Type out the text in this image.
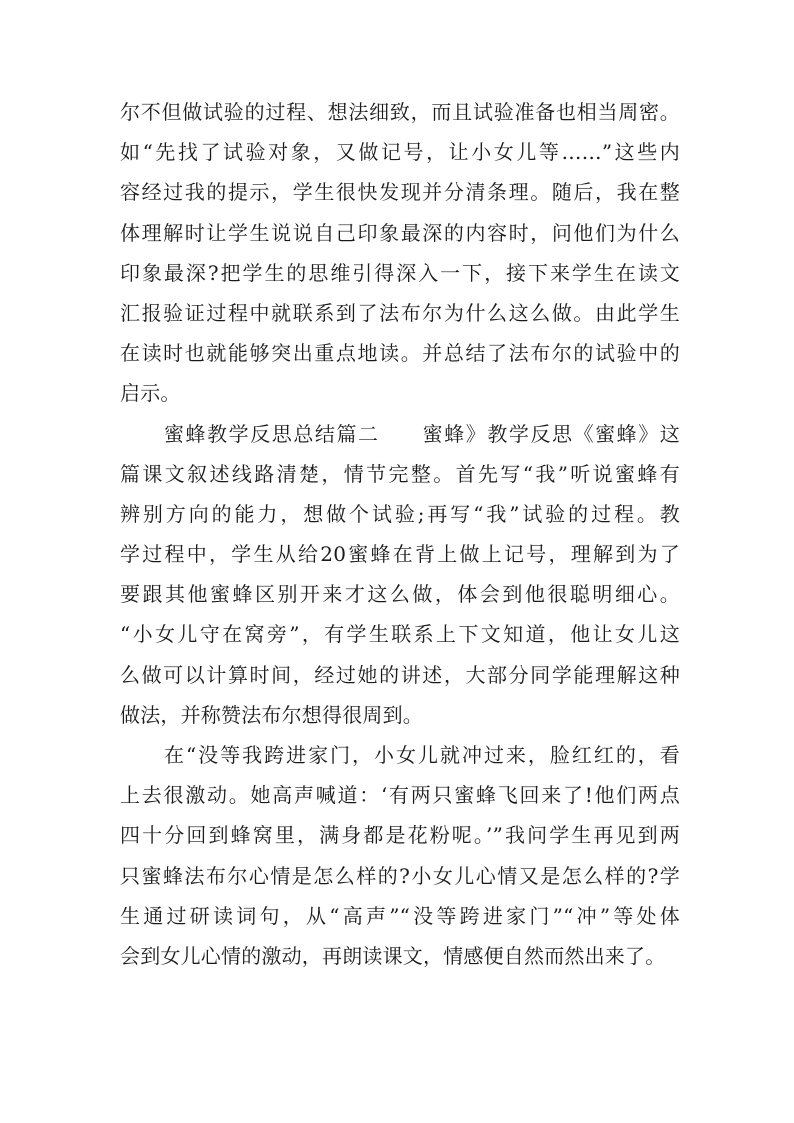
尔不但做试验的过程、想法细致，而且试验准备也相当周密。
如“先找了试验对象，又做记号，让小女儿等……”这些内
容经过我的提示，学生很快发现并分清条理。随后，我在整
体理解时让学生说说自己印象最深的内容时，问他们为什么
印象最深?把学生的思维引得深入一下，接下来学生在读文
汇报验证过程中就联系到了法布尔为什么这么做。由此学生
在读时也就能够突出重点地读。并总结了法布尔的试验中的
启示。
蜜蜂教学反思总结篇二　　蜜蜂》教学反思《蜜蜂》这
篇课文叙述线路清楚，情节完整。首先写“我”听说蜜蜂有
辨别方向的能力，想做个试验;再写“我”试验的过程。教
学过程中，学生从给20蜜蜂在背上做上记号，理解到为了
要跟其他蜜蜂区别开来才这么做，体会到他很聪明细心。
“小女儿守在窝旁”，有学生联系上下文知道，他让女儿这
么做可以计算时间，经过她的讲述，大部分同学能理解这种
做法，并称赞法布尔想得很周到。
在“没等我跨进家门，小女儿就冲过来，脸红红的，看
上去很激动。她高声喊道：‘有两只蜜蜂飞回来了!他们两点
四十分回到蜂窝里，满身都是花粉呢。’”我问学生再见到两
只蜜蜂法布尔心情是怎么样的?小女儿心情又是怎么样的?学
生通过研读词句，从“高声”“没等跨进家门”“冲”等处体
会到女儿心情的激动，再朗读课文，情感便自然而然出来了。
